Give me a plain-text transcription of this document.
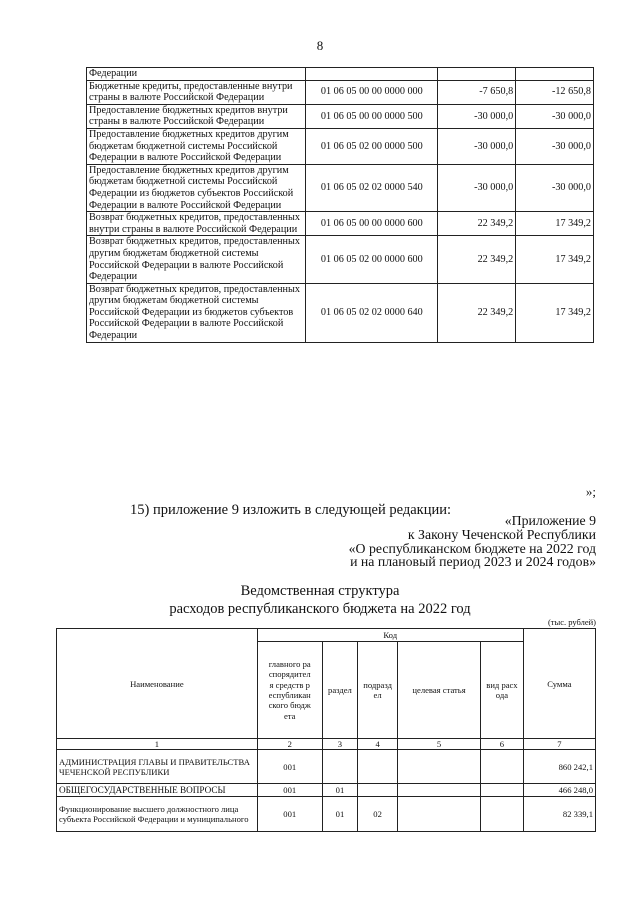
8
Федерации			
Бюджетные кредиты, предоставленные внутри страны в валюте Российской Федерации	01 06 05 00 00 0000 000	-7 650,8	-12 650,8
Предоставление бюджетных кредитов внутри страны в валюте Российской Федерации	01 06 05 00 00 0000 500	-30 000,0	-30 000,0
Предоставление бюджетных кредитов другим бюджетам бюджетной системы Российской Федерации в валюте Российской Федерации	01 06 05 02 00 0000 500	-30 000,0	-30 000,0
Предоставление бюджетных кредитов другим бюджетам бюджетной системы Российской Федерации из бюджетов субъектов Российской Федерации в валюте Российской Федерации	01 06 05 02 02 0000 540	-30 000,0	-30 000,0
Возврат бюджетных кредитов, предоставленных внутри страны в валюте Российской Федерации	01 06 05 00 00 0000 600	22 349,2	17 349,2
Возврат бюджетных кредитов, предоставленных другим бюджетам бюджетной системы Российской Федерации в валюте Российской Федерации	01 06 05 02 00 0000 600	22 349,2	17 349,2
Возврат бюджетных кредитов, предоставленных другим бюджетам бюджетной системы Российской Федерации из бюджетов субъектов Российской Федерации в валюте Российской Федерации	01 06 05 02 02 0000 640	22 349,2	17 349,2
»;
15) приложение 9 изложить в следующей редакции:
«Приложение 9
к Закону Чеченской Республики
«О республиканском бюджете на 2022 год
и на плановый период 2023 и 2024 годов»
Ведомственная структура
расходов республиканского бюджета на 2022 год
(тыс. рублей)
Наименование	Код					Сумма
	главного распорядителя средств республиканского бюджета	раздел	подраздел	целевая статья	вид расхода	
1	2	3	4	5	6	7
АДМИНИСТРАЦИЯ ГЛАВЫ И ПРАВИТЕЛЬСТВА ЧЕЧЕНСКОЙ РЕСПУБЛИКИ	001					860 242,1
ОБЩЕГОСУДАРСТВЕННЫЕ ВОПРОСЫ	001	01				466 248,0
Функционирование высшего должностного лица субъекта Российской Федерации и муниципального	001	01	02			82 339,1
